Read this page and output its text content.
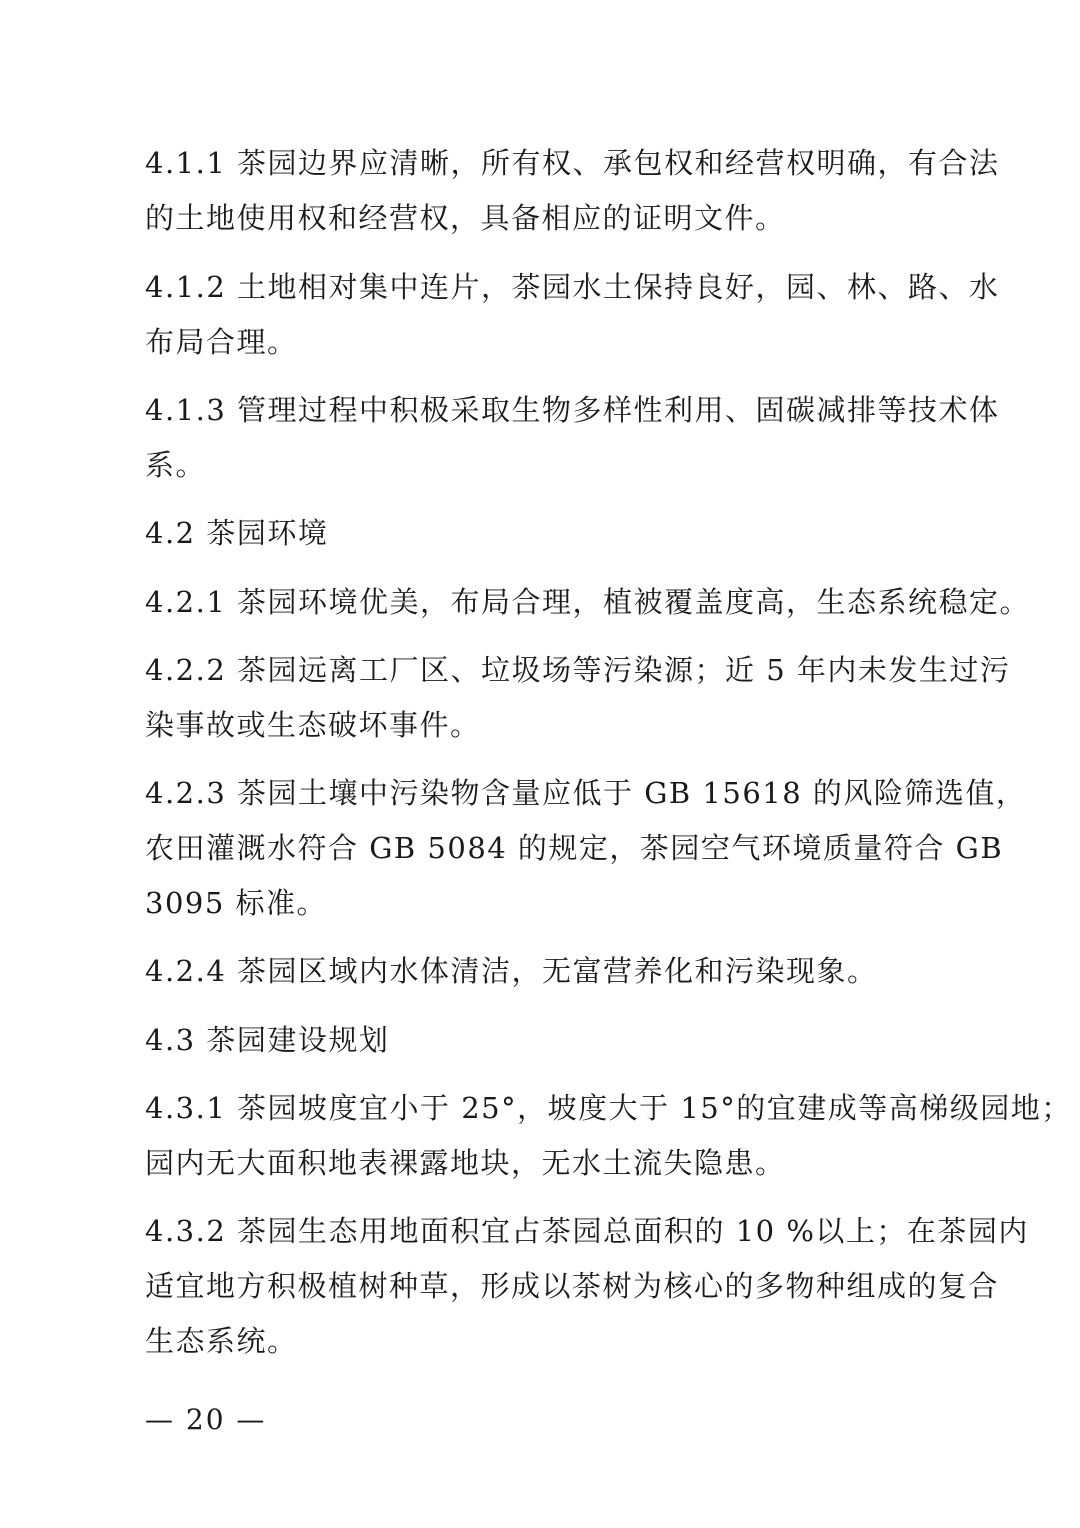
4.1.1 茶园边界应清晰，所有权、承包权和经营权明确，有合法
的土地使用权和经营权，具备相应的证明文件。
4.1.2 土地相对集中连片，茶园水土保持良好，园、林、路、水
布局合理。
4.1.3 管理过程中积极采取生物多样性利用、固碳减排等技术体
系。
4.2 茶园环境
4.2.1 茶园环境优美，布局合理，植被覆盖度高，生态系统稳定。
4.2.2 茶园远离工厂区、垃圾场等污染源；近 5 年内未发生过污
染事故或生态破坏事件。
4.2.3 茶园土壤中污染物含量应低于 GB 15618 的风险筛选值，
农田灌溉水符合 GB 5084 的规定，茶园空气环境质量符合 GB
3095 标准。
4.2.4 茶园区域内水体清洁，无富营养化和污染现象。
4.3 茶园建设规划
4.3.1 茶园坡度宜小于 25°，坡度大于 15°的宜建成等高梯级园地；
园内无大面积地表裸露地块，无水土流失隐患。
4.3.2 茶园生态用地面积宜占茶园总面积的 10 %以上；在茶园内
适宜地方积极植树种草，形成以茶树为核心的多物种组成的复合
生态系统。
— 20 —
